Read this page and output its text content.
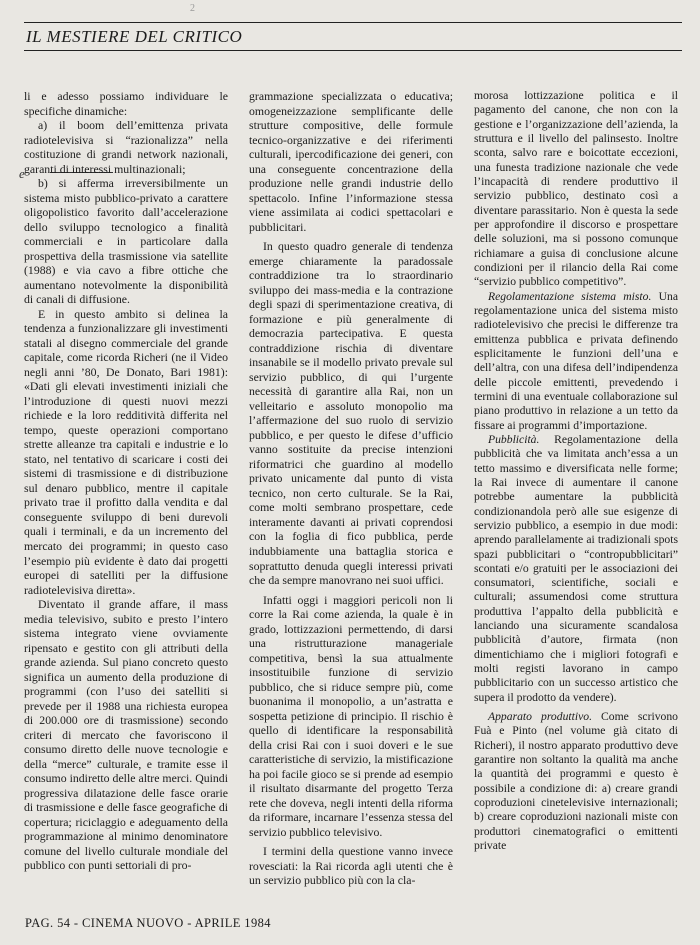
IL MESTIERE DEL CRITICO
2
e

li e adesso possiamo individuare le specifiche dinamiche:

a) il boom dell’emittenza privata radiotelevisiva si “razionalizza” nella costituzione di grandi network nazionali, garanti di interessi multinazionali;

b) si afferma irreversibilmente un sistema misto pubblico-privato a carattere oligopolistico favorito dall’accelerazione dello sviluppo tecnologico a finalità commerciali e in particolare dalla prospettiva della trasmissione via satellite (1988) e via cavo a fibre ottiche che aumentano notevolmente la disponibilità di canali di diffusione.

E in questo ambito si delinea la tendenza a funzionalizzare gli investimenti statali al disegno commerciale del grande capitale, come ricorda Richeri (ne il Video negli anni ’80, De Donato, Bari 1981): «Dati gli elevati investimenti iniziali che l’introduzione di questi nuovi mezzi richiede e la loro redditività differita nel tempo, queste operazioni comportano strette alleanze tra capitali e industrie e lo stato, nel tentativo di scaricare i costi dei sistemi di trasmissione e di distribuzione sul denaro pubblico, mentre il capitale privato trae il profitto dalla vendita e dal conseguente sviluppo di beni durevoli quali i terminali, e da un incremento del mercato dei programmi; in questo caso l’esempio più evidente è dato dai progetti europei di satelliti per la diffusione radiotelevisiva diretta».

Diventato il grande affare, il mass media televisivo, subito e presto l’intero sistema integrato viene ovviamente ripensato e gestito con gli attributi della grande azienda. Sul piano concreto questo significa un aumento della produzione di programmi (con l’uso dei satelliti si prevede per il 1988 una richiesta europea di 200.000 ore di trasmissione) secondo criteri di mercato che favoriscono il consumo diretto delle nuove tecnologie e della “merce” culturale, e tramite esse il consumo indiretto delle altre merci. Quindi progressiva dilatazione delle fasce orarie di trasmissione e delle fasce geografiche di copertura; riciclaggio e adeguamento della programmazione al minimo denominatore comune del livello culturale mondiale del pubblico con punti settoriali di pro-

grammazione specializzata o educativa; omogeneizzazione semplificante delle strutture compositive, delle formule tecnico-organizzative e dei riferimenti culturali, ipercodificazione dei generi, con una conseguente concentrazione della produzione nelle grandi industrie dello spettacolo. Infine l’informazione stessa viene assimilata ai codici spettacolari e pubblicitari.

In questo quadro generale di tendenza emerge chiaramente la paradossale contraddizione tra lo straordinario sviluppo dei mass-media e la contrazione degli spazi di sperimentazione creativa, di formazione e più generalmente di democrazia partecipativa. E questa contraddizione rischia di diventare insanabile se il modello privato prevale sul servizio pubblico, di qui l’urgente necessità di garantire alla Rai, non un velleitario e assoluto monopolio ma l’affermazione del suo ruolo di servizio pubblico, e per questo le difese d’ufficio vanno sostituite da precise intenzioni riformatrici che guardino al modello privato unicamente dal punto di vista tecnico, non certo culturale. Se la Rai, come molti sembrano prospettare, cede interamente davanti ai privati coprendosi con la foglia di fico pubblica, perde indubbiamente una battaglia storica e soprattutto denuda quegli interessi privati che da sempre manovrano nei suoi uffici.

Infatti oggi i maggiori pericoli non li corre la Rai come azienda, la quale è in grado, lottizzazioni permettendo, di darsi una ristrutturazione manageriale competitiva, bensì la sua attualmente insostituibile funzione di servizio pubblico, che si riduce sempre più, come buonanima il monopolio, a un’astratta e sospetta petizione di principio. Il rischio è quello di identificare la responsabilità della crisi Rai con i suoi doveri e le sue caratteristiche di servizio, la mistificazione ha poi facile gioco se si prende ad esempio il risultato disarmante del progetto Terza rete che doveva, negli intenti della riforma da riformare, incarnare l’essenza stessa del servizio pubblico televisivo.

I termini della questione vanno invece rovesciati: la Rai ricorda agli utenti che è un servizio pubblico più con la cla-

morosa lottizzazione politica e il pagamento del canone, che non con la gestione e l’organizzazione dell’azienda, la struttura e il livello del palinsesto. Inoltre sconta, salvo rare e boicottate eccezioni, una funesta tradizione nazionale che vede l’incapacità di rendere produttivo il servizio pubblico, destinato così a diventare parassitario. Non è questa la sede per approfondire il discorso e prospettare delle soluzioni, ma si possono comunque richiamare a guisa di conclusione alcune condizioni per il rilancio della Rai come “servizio pubblico competitivo”.

Regolamentazione sistema misto. Una regolamentazione unica del sistema misto radiotelevisivo che precisi le differenze tra emittenza pubblica e privata definendo esplicitamente le funzioni dell’una e dell’altra, con una difesa dell’indipendenza delle piccole emittenti, prevedendo i termini di una eventuale collaborazione sul piano produttivo in relazione a un tetto da fissare ai programmi d’importazione.

Pubblicità. Regolamentazione della pubblicità che va limitata anch’essa a un tetto massimo e diversificata nelle forme; la Rai invece di aumentare il canone potrebbe aumentare la pubblicità condizionandola però alle sue esigenze di servizio pubblico, a esempio in due modi: aprendo parallelamente ai tradizionali spots spazi pubblicitari o “contropubblicitari” scontati e/o gratuiti per le associazioni dei consumatori, scientifiche, sociali e culturali; assumendosi come struttura produttiva l’appalto della pubblicità e lanciando una sicuramente scandalosa pubblicità d’autore, firmata (non dimentichiamo che i migliori fotografi e molti registi lavorano in campo pubblicitario con un successo artistico che supera il prodotto da vendere).

Apparato produttivo. Come scrivono Fuà e Pinto (nel volume già citato di Richeri), il nostro apparato produttivo deve garantire non soltanto la qualità ma anche la quantità dei programmi e questo è possibile a condizione di: a) creare grandi coproduzioni cinetelevisive internazionali; b) creare coproduzioni nazionali miste con produttori cinematografici o emittenti private

PAG. 54 - CINEMA NUOVO - APRILE 1984
